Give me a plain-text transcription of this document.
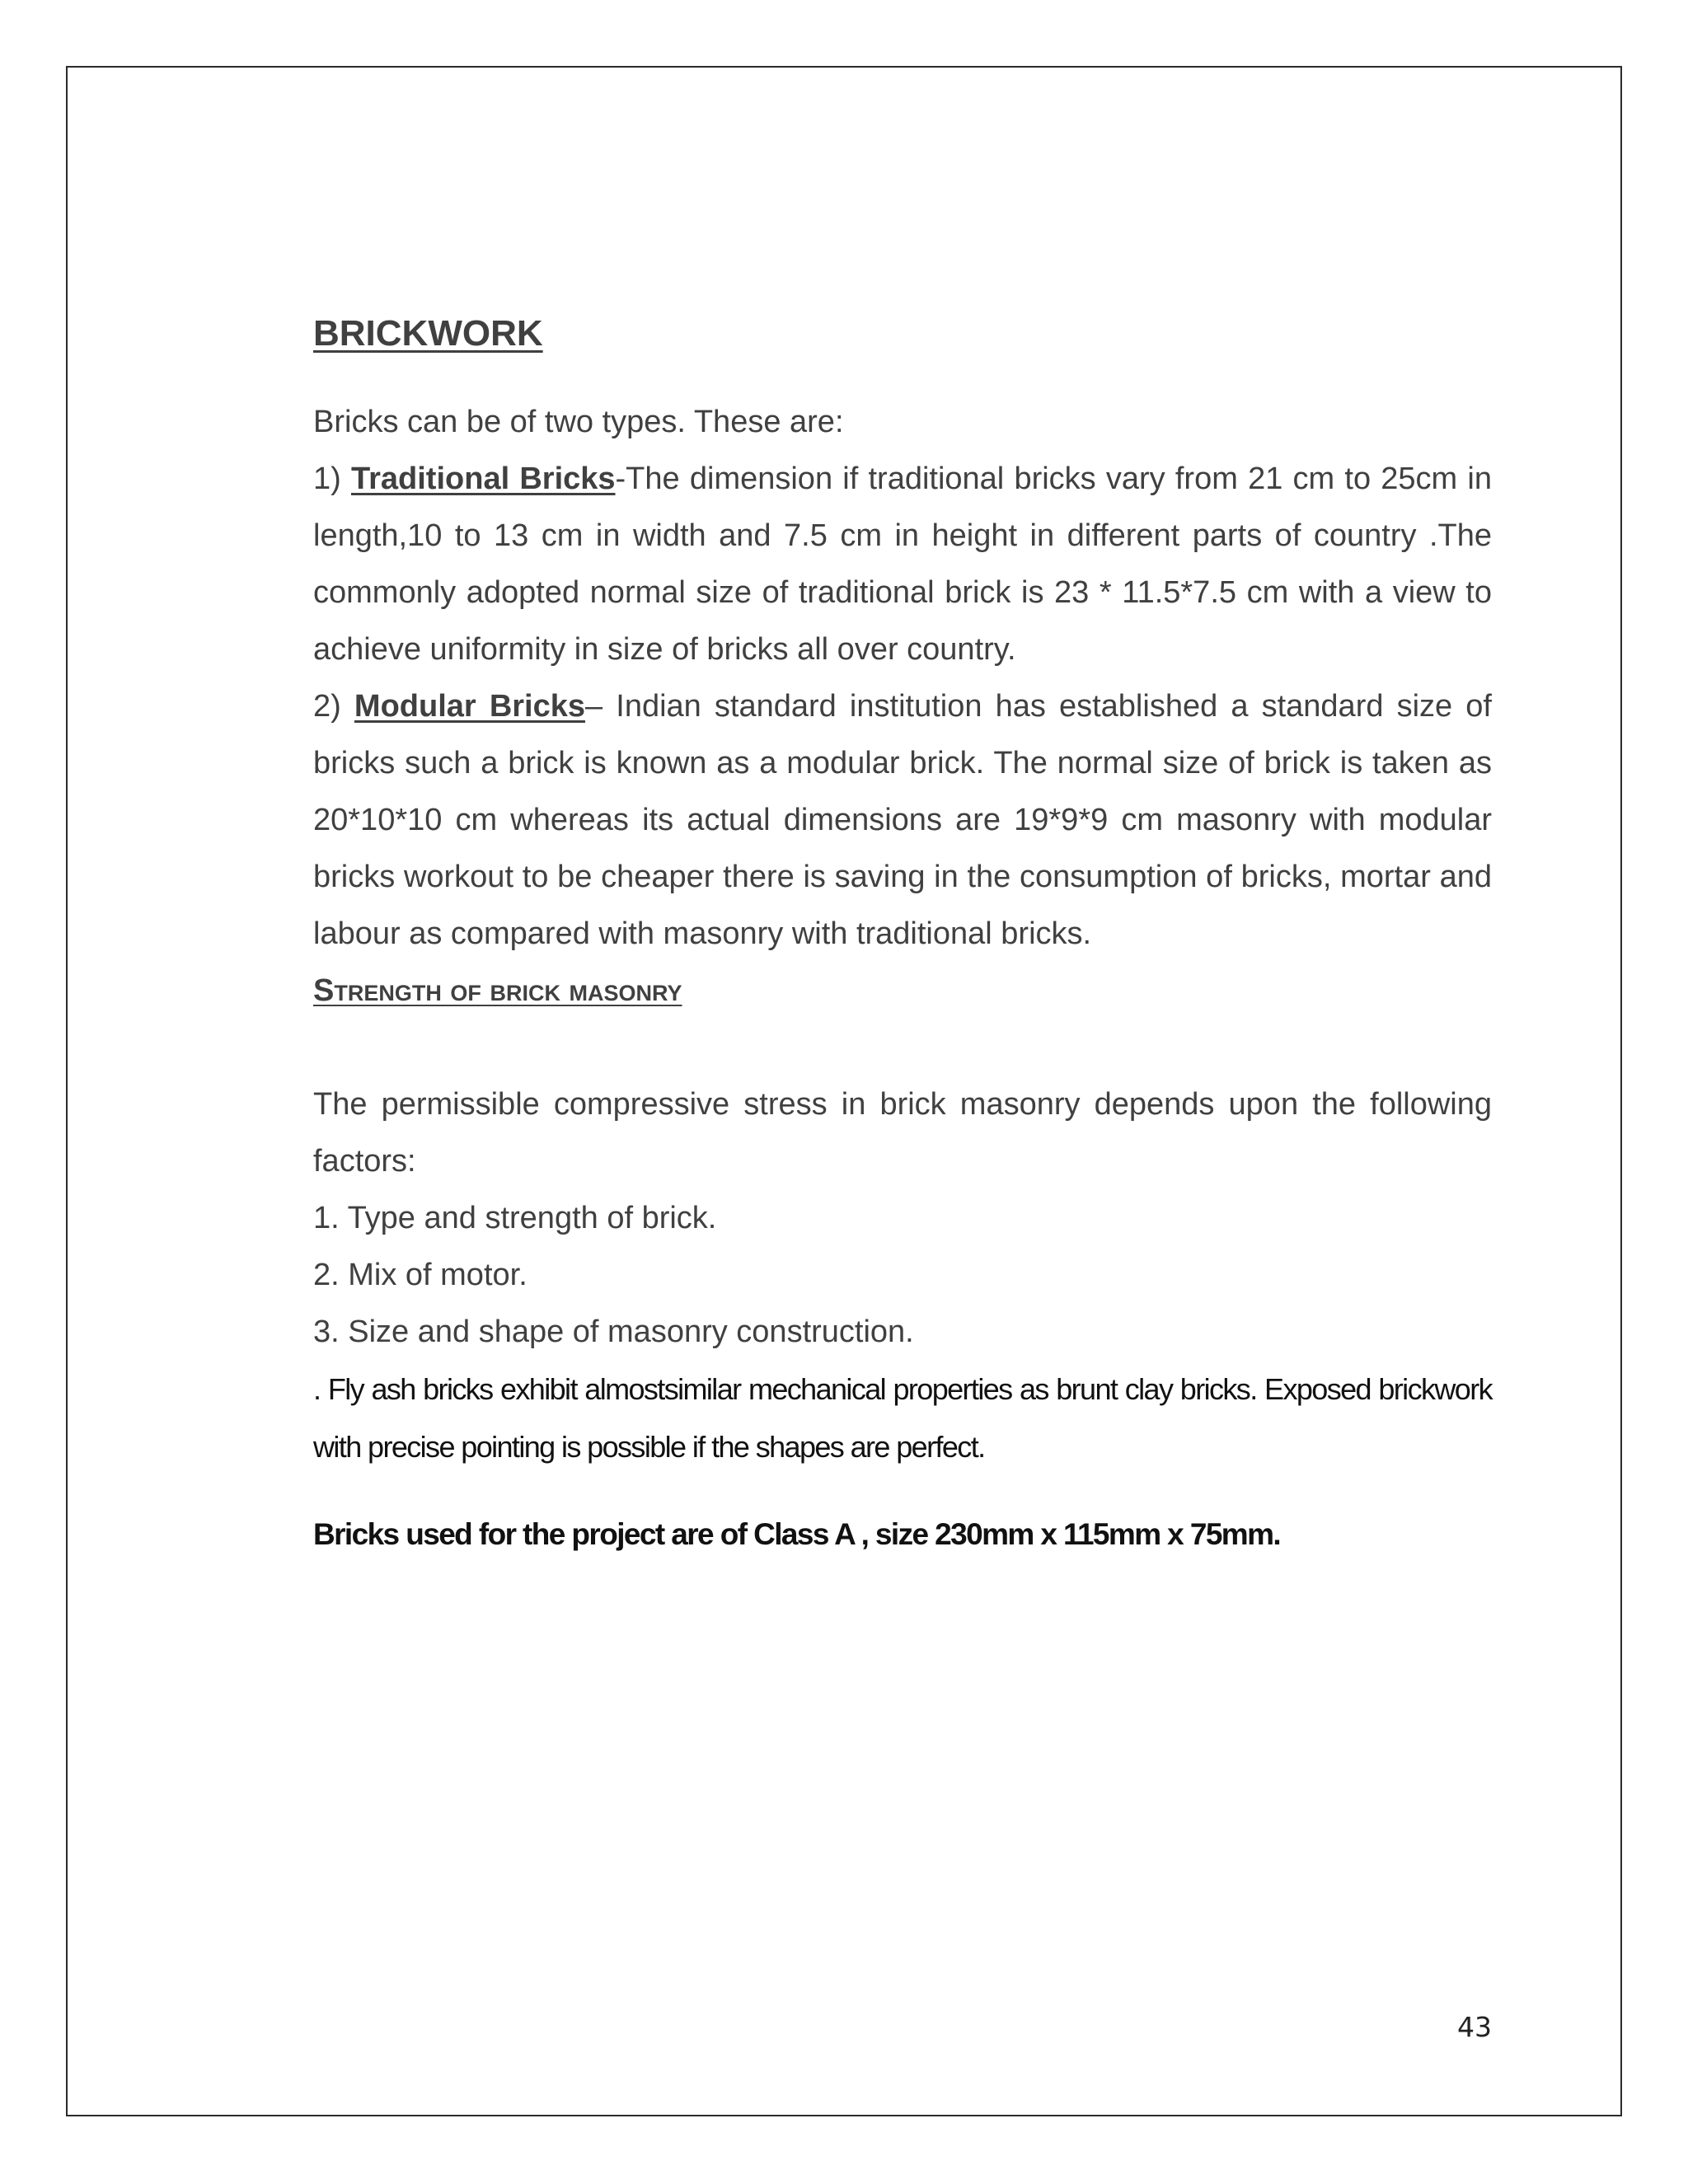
BRICKWORK

Bricks can be of two types. These are:

1) Traditional Bricks-The dimension if traditional bricks vary from 21 cm to 25cm in length,10 to 13 cm in width and 7.5 cm in height in different parts of country .The commonly adopted normal size of traditional brick is 23 * 11.5*7.5 cm with a view to achieve uniformity in size of bricks all over country.

2) Modular Bricks– Indian standard institution has established a standard size of bricks such a brick is known as a modular brick. The normal size of brick is taken as 20*10*10 cm whereas its actual dimensions are 19*9*9 cm masonry with modular bricks workout to be cheaper there is saving in the consumption of bricks, mortar and labour as compared with masonry with traditional bricks.

Strength of brick masonry

The permissible compressive stress in brick masonry depends upon the following factors:

1. Type and strength of brick.

2. Mix of motor.

3. Size and shape of masonry construction.

. Fly ash bricks exhibit almostsimilar mechanical properties as brunt clay bricks. Exposed brickwork with precise pointing is possible if the shapes are perfect.

Bricks used for the project are of Class A , size 230mm x 115mm x 75mm.

43
